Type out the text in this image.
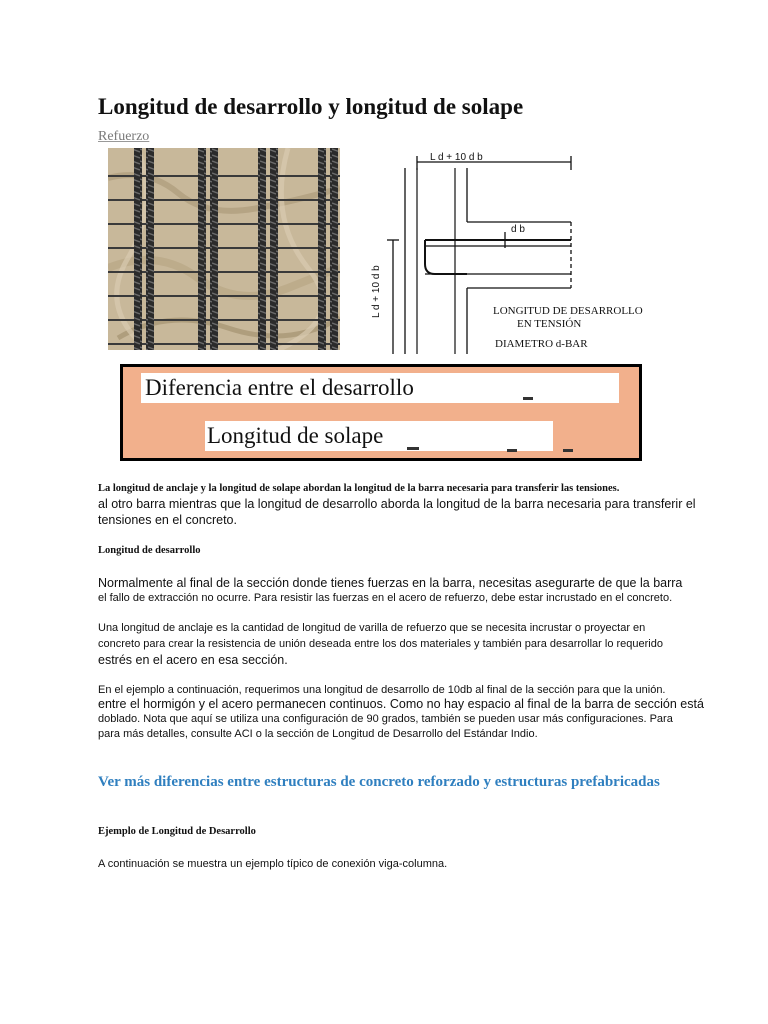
Longitud de desarrollo y longitud de solape
Refuerzo
L d + 10 d b
L d + 10 d b
d b
LONGITUD DE DESARROLLO
EN TENSIÓN
DIAMETRO d-BAR
Diferencia entre el desarrollo
Longitud de solape
La longitud de anclaje y la longitud de solape abordan la longitud de la barra necesaria para transferir las tensiones.
al otro barra mientras que la longitud de desarrollo aborda la longitud de la barra necesaria para transferir el
tensiones en el concreto.
Longitud de desarrollo
Normalmente al final de la sección donde tienes fuerzas en la barra, necesitas asegurarte de que la barra
el fallo de extracción no ocurre. Para resistir las fuerzas en el acero de refuerzo, debe estar incrustado en el concreto.
Una longitud de anclaje es la cantidad de longitud de varilla de refuerzo que se necesita incrustar o proyectar en
concreto para crear la resistencia de unión deseada entre los dos materiales y también para desarrollar lo requerido
estrés en el acero en esa sección.
En el ejemplo a continuación, requerimos una longitud de desarrollo de 10db al final de la sección para que la unión.
entre el hormigón y el acero permanecen continuos. Como no hay espacio al final de la barra de sección está
doblado. Nota que aquí se utiliza una configuración de 90 grados, también se pueden usar más configuraciones. Para
para más detalles, consulte ACI o la sección de Longitud de Desarrollo del Estándar Indio.
Ver más diferencias entre estructuras de concreto reforzado y estructuras prefabricadas
Ejemplo de Longitud de Desarrollo
A continuación se muestra un ejemplo típico de conexión viga-columna.
